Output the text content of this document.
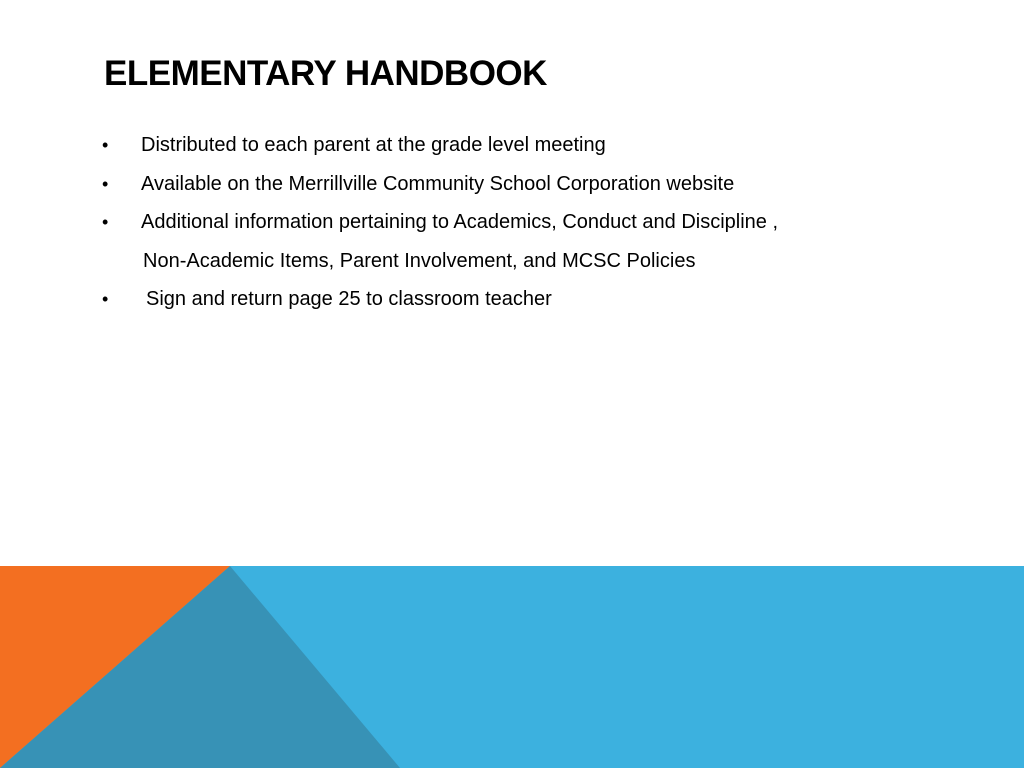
ELEMENTARY HANDBOOK
• Distributed to each parent at the grade level meeting
• Available on the Merrillville Community School Corporation website
• Additional information pertaining to Academics, Conduct and Discipline ,
Non-Academic Items, Parent Involvement, and MCSC Policies
• Sign and return page 25 to classroom teacher
